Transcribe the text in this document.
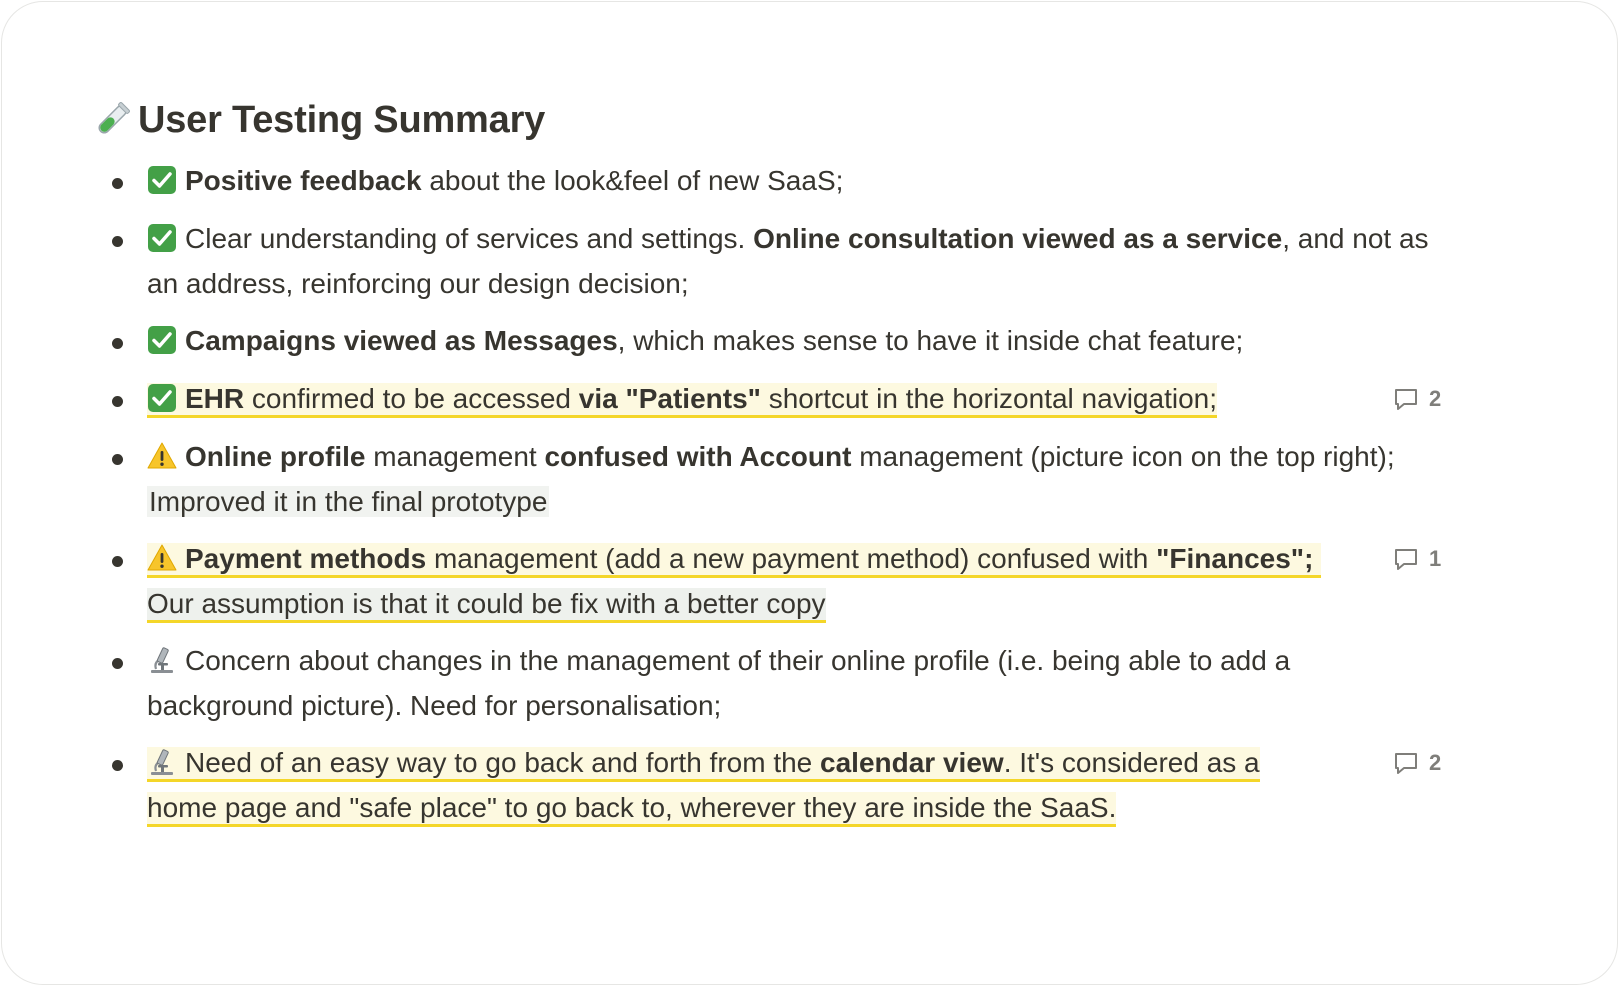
User Testing Summary
Positive feedback about the look&feel of new SaaS;
Clear understanding of services and settings. Online consultation viewed as a service, and not as an address, reinforcing our design decision;
Campaigns viewed as Messages, which makes sense to have it inside chat feature;
EHR confirmed to be accessed via "Patients" shortcut in the horizontal navigation;
Online profile management confused with Account management (picture icon on the top right); Improved it in the final prototype
Payment methods management (add a new payment method) confused with "Finances";
Our assumption is that it could be fix with a better copy
Concern about changes in the management of their online profile (i.e. being able to add a background picture). Need for personalisation;
Need of an easy way to go back and forth from the calendar view. It's considered as a home page and "safe place" to go back to, wherever they are inside the SaaS.
2
1
2
